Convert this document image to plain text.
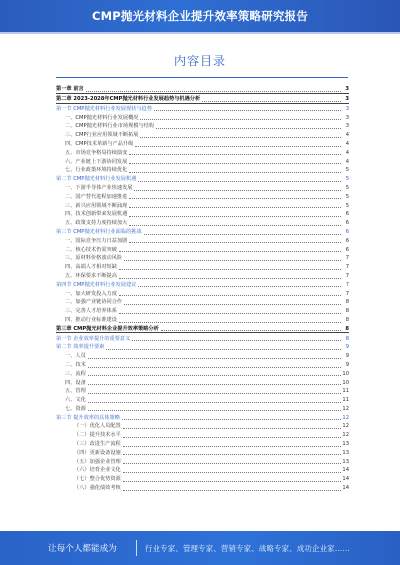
CMP抛光材料企业提升效率策略研究报告
内容目录
第一章 前言	3
第二章 2023-2028年CMP抛光材料行业发展趋势与机遇分析	3
第一节 CMP抛光材料行业发展现状与趋势	3
一、CMP抛光材料行业发展概况	3
二、CMP抛光材料行业市场规模与结构	3
三、CMP行业应用领域不断拓展	4
四、CMP技术革新与产品升级	4
五、市场竞争格局持续演变	4
六、产业链上下游协同发展	4
七、行业政策环境持续优化	5
第二节 CMP抛光材料行业发展机遇	5
一、下游半导体产业快速发展	5
二、国产替代进程加速推进	5
三、新兴应用领域不断涌现	5
四、技术创新带来发展机遇	6
五、政策支持力度持续加大	6
第三节 CMP抛光材料行业面临的挑战	6
一、国际竞争压力日益加剧	6
二、核心技术仍需突破	6
三、原材料价格波动风险	7
四、高端人才相对短缺	7
五、环保要求不断提高	7
第四节 CMP抛光材料行业发展建议	7
一、加大研发投入力度	7
二、加强产业链协同合作	8
三、完善人才培养体系	8
四、推动行业标准建设	8
第三章 CMP抛光材料企业提升效率策略分析	8
第一节 企业效率提升的重要意义	8
第二节 效率提升要素	9
一、人员	9
二、技术	9
三、流程	10
四、设备	10
五、管理	11
六、文化	11
七、资源	12
第三节 提升效率的具体策略	12
（一）优化人员配置	12
（二）提升技术水平	12
（三）改进生产流程	13
（四）更新设备设施	13
（五）加强企业管理	13
（六）培育企业文化	14
（七）整合优势资源	14
（八）强化绩效考核	14
让每个人都能成为	行业专家、管理专家、营销专家、战略专家、成功企业家……
